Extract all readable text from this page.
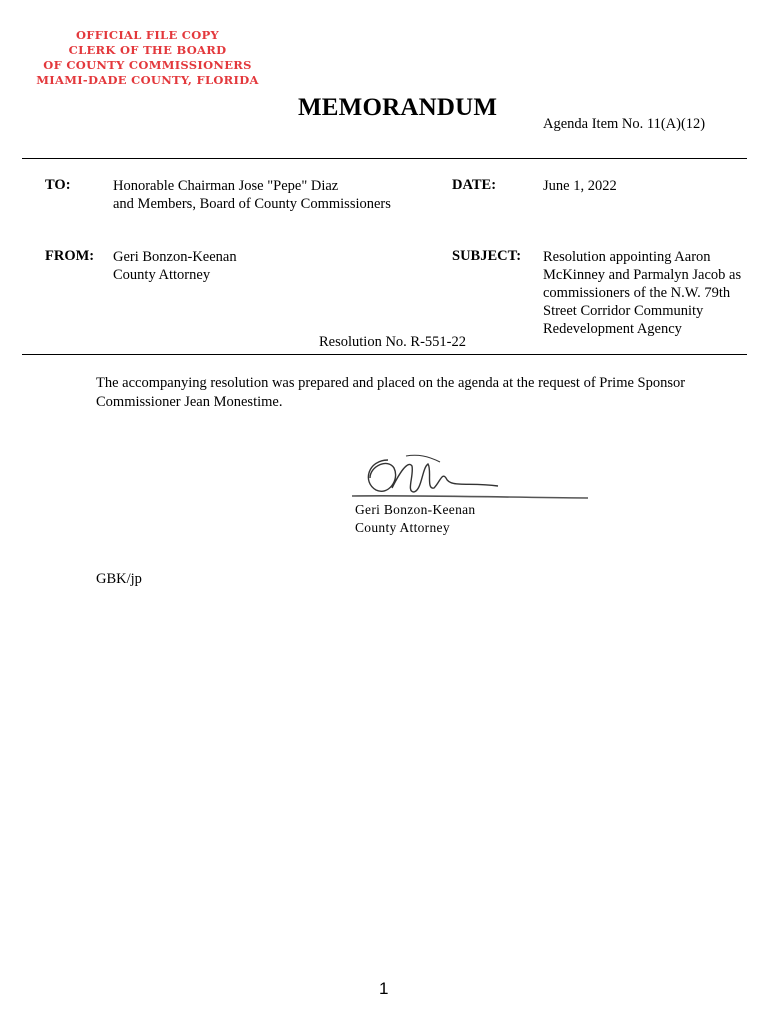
OFFICIAL FILE COPY
CLERK OF THE BOARD
OF COUNTY COMMISSIONERS
MIAMI-DADE COUNTY, FLORIDA
MEMORANDUM
Agenda Item No. 11(A)(12)
TO:	Honorable Chairman Jose "Pepe" Diaz
and Members, Board of County Commissioners
DATE:	June 1, 2022
FROM: Geri Bonzon-Keenan
County Attorney
SUBJECT: Resolution appointing Aaron McKinney and Parmalyn Jacob as commissioners of the N.W. 79th Street Corridor Community Redevelopment Agency
Resolution No. R-551-22
The accompanying resolution was prepared and placed on the agenda at the request of Prime Sponsor Commissioner Jean Monestime.
Geri Bonzon-Keenan
County Attorney
GBK/jp
1
